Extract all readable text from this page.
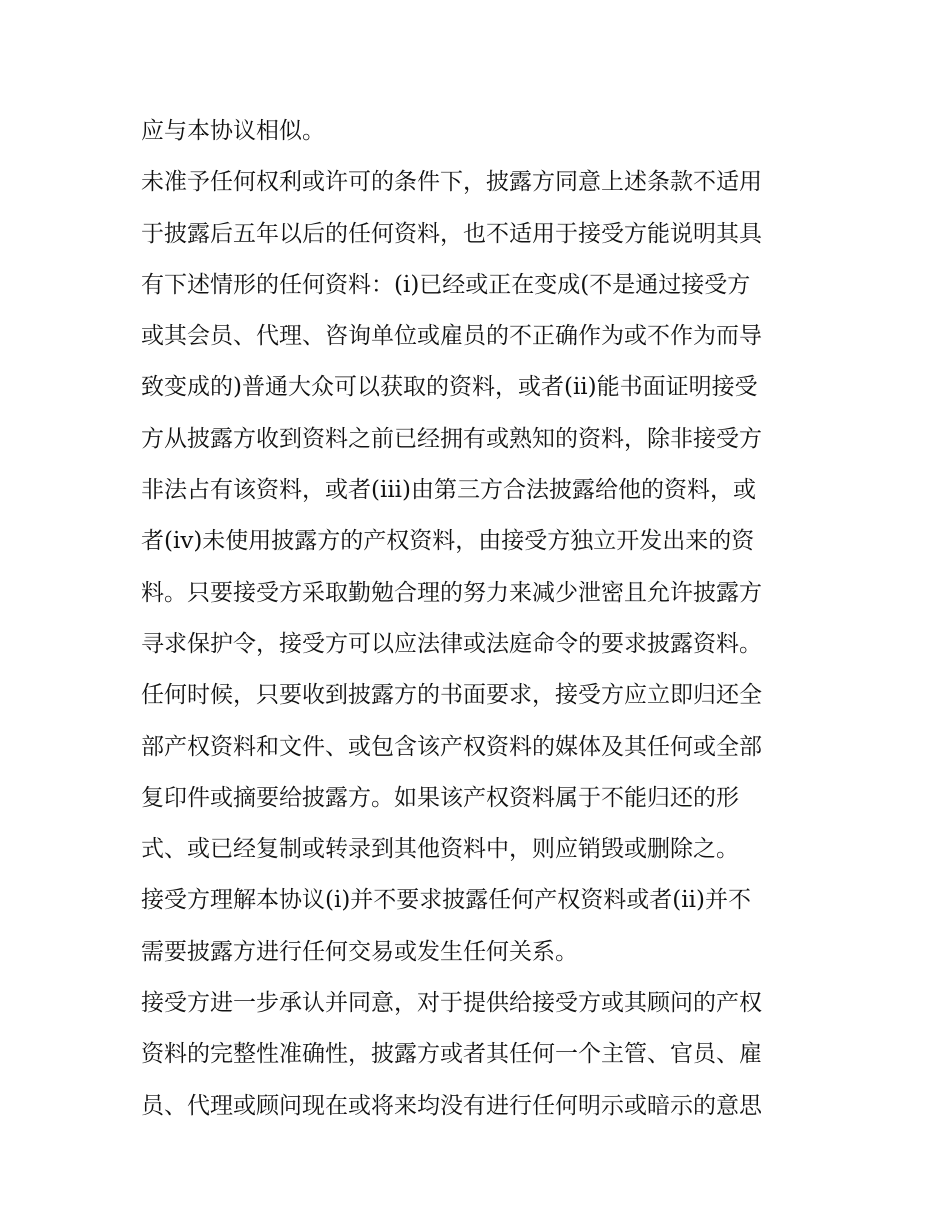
应与本协议相似。
未准予任何权利或许可的条件下，披露方同意上述条款不适用
于披露后五年以后的任何资料，也不适用于接受方能说明其具
有下述情形的任何资料：(i)已经或正在变成(不是通过接受方
或其会员、代理、咨询单位或雇员的不正确作为或不作为而导
致变成的)普通大众可以获取的资料，或者(ii)能书面证明接受
方从披露方收到资料之前已经拥有或熟知的资料，除非接受方
非法占有该资料，或者(iii)由第三方合法披露给他的资料，或
者(iv)未使用披露方的产权资料，由接受方独立开发出来的资
料。只要接受方采取勤勉合理的努力来减少泄密且允许披露方
寻求保护令，接受方可以应法律或法庭命令的要求披露资料。
任何时候，只要收到披露方的书面要求，接受方应立即归还全
部产权资料和文件、或包含该产权资料的媒体及其任何或全部
复印件或摘要给披露方。如果该产权资料属于不能归还的形
式、或已经复制或转录到其他资料中，则应销毁或删除之。
接受方理解本协议(i)并不要求披露任何产权资料或者(ii)并不
需要披露方进行任何交易或发生任何关系。
接受方进一步承认并同意，对于提供给接受方或其顾问的产权
资料的完整性准确性，披露方或者其任何一个主管、官员、雇
员、代理或顾问现在或将来均没有进行任何明示或暗示的意思
